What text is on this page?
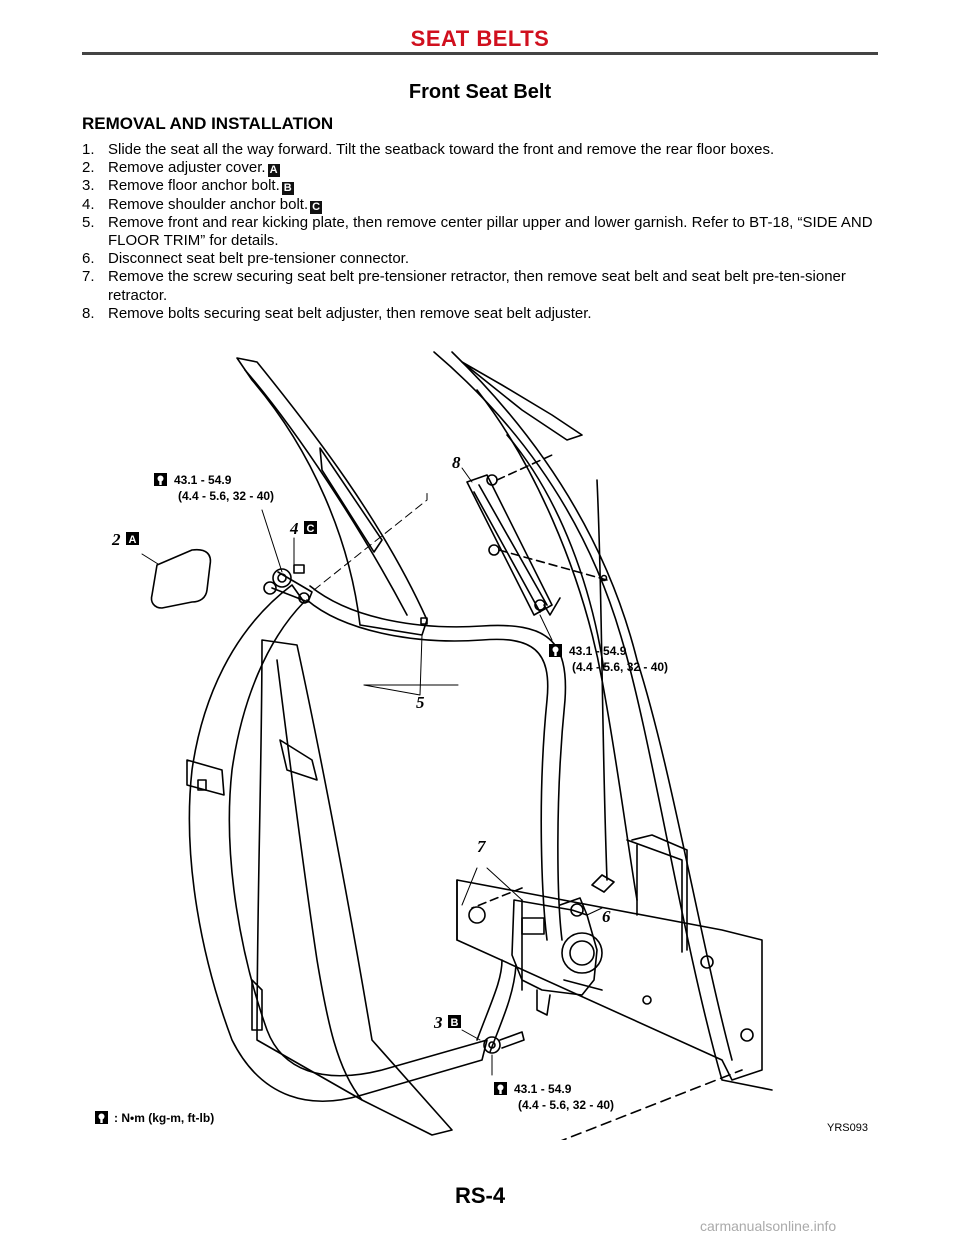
SEAT BELTS
Front Seat Belt
REMOVAL AND INSTALLATION
1. Slide the seat all the way forward. Tilt the seatback toward the front and remove the rear floor boxes.
2. Remove adjuster cover. A
3. Remove floor anchor bolt. B
4. Remove shoulder anchor bolt. C
5. Remove front and rear kicking plate, then remove center pillar upper and lower garnish. Refer to BT-18, “SIDE AND FLOOR TRIM” for details.
6. Disconnect seat belt pre-tensioner connector.
7. Remove the screw securing seat belt pre-tensioner retractor, then remove seat belt and seat belt pre-ten-sioner retractor.
8. Remove bolts securing seat belt adjuster, then remove seat belt adjuster.
43.1 - 54.9
(4.4 - 5.6, 32 - 40)
43.1 - 54.9
(4.4 - 5.6, 32 - 40)
43.1 - 54.9
(4.4 - 5.6, 32 - 40)
2 A
4 C
8
5
7
6
3 B
: N•m (kg-m, ft-lb)
YRS093
RS-4
carmanualsonline.info
